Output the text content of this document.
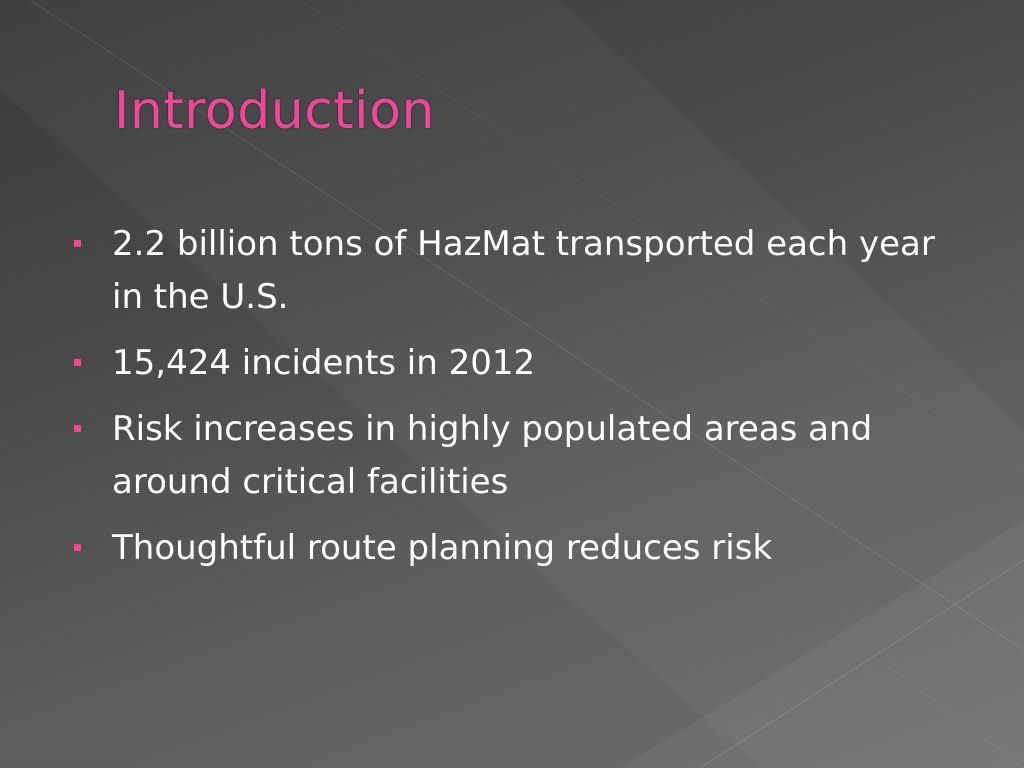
Introduction
2.2 billion tons of HazMat transported each year in the U.S.
15,424 incidents in 2012
Risk increases in highly populated areas and around critical facilities
Thoughtful route planning reduces risk
